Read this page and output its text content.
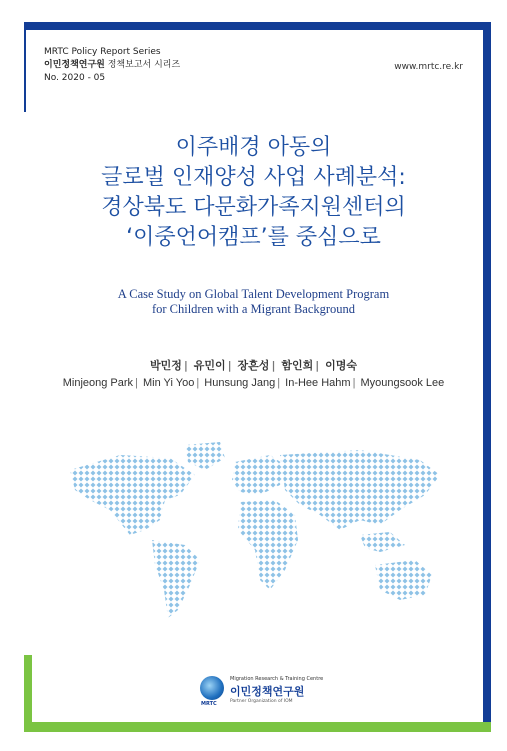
MRTC Policy Report Series
이민정책연구원 정책보고서 시리즈
No. 2020 - 05
www.mrtc.re.kr
이주배경 아동의
글로벌 인재양성 사업 사례분석:
경상북도 다문화가족지원센터의
‘이중언어캠프’를 중심으로
A Case Study on Global Talent Development Program
for Children with a Migrant Background
박민정 | 유민이 | 장흔성 | 함인희 | 이명숙
Minjeong Park | Min Yi Yoo | Hunsung Jang | In-Hee Hahm | Myoungsook Lee
MRTC
Migration Research & Training Centre
이민정책연구원
Partner Organization of IOM
